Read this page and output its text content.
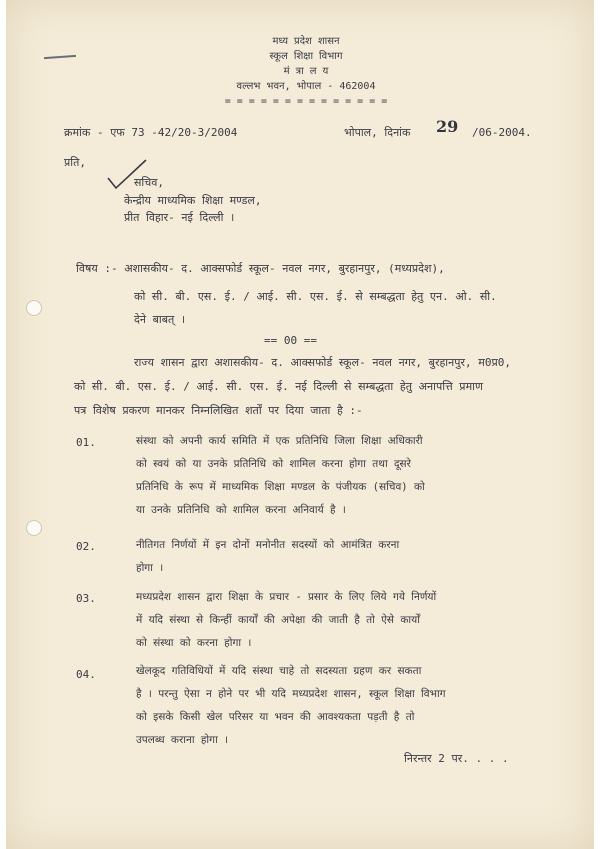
मध्य प्रदेश शासन
स्कूल शिक्षा विभाग
मं त्रा ल य
वल्लभ भवन, भोपाल - 462004
= = = = = = = = = = = = = =
क्रमांक - एफ 73 -42/20-3/2004	भोपाल, दिनांक 29 /06-2004.
प्रति,
सचिव,
केन्द्रीय माध्यमिक शिक्षा मण्डल,
प्रीत विहार- नई दिल्ली ।
विषय :- अशासकीय- द. आक्सफोर्ड स्कूल- नवल नगर, बुरहानपुर, (मध्यप्रदेश),
को सी. बी. एस. ई. / आई. सी. एस. ई. से सम्बद्धता हेतु एन. ओ. सी.
देने बाबत् ।
== 00 ==
राज्य शासन द्वारा अशासकीय- द. आक्सफोर्ड स्कूल- नवल नगर, बुरहानपुर, म0प्र0,
को सी. बी. एस. ई. / आई. सी. एस. ई. नई दिल्ली से सम्बद्धता हेतु अनापत्ति प्रमाण
पत्र विशेष प्रकरण मानकर निम्नलिखित शर्तों पर दिया जाता है :-
01.	संस्था को अपनी कार्य समिति में एक प्रतिनिधि जिला शिक्षा अधिकारी
को स्वयं को या उनके प्रतिनिधि को शामिल करना होगा तथा दूसरे
प्रतिनिधि के रूप में माध्यमिक शिक्षा मण्डल के पंजीयक (सचिव) को
या उनके प्रतिनिधि को शामिल करना अनिवार्य है ।
02.	नीतिगत निर्णयों में इन दोनों मनोनीत सदस्यों को आमंत्रित करना
होगा ।
03.	मध्यप्रदेश शासन द्वारा शिक्षा के प्रचार - प्रसार के लिए लिये गये निर्णयों
में यदि संस्था से किन्हीं कार्यों की अपेक्षा की जाती है तो ऐसे कार्यों
को संस्था को करना होगा ।
04.	खेलकूद गतिविधियों में यदि संस्था चाहे तो सदस्यता ग्रहण कर सकता
है । परन्तु ऐसा न होने पर भी यदि मध्यप्रदेश शासन, स्कूल शिक्षा विभाग
को इसके किसी खेल परिसर या भवन की आवश्यकता पड़ती है तो
उपलब्ध कराना होगा ।
निरन्तर 2 पर. . . .
